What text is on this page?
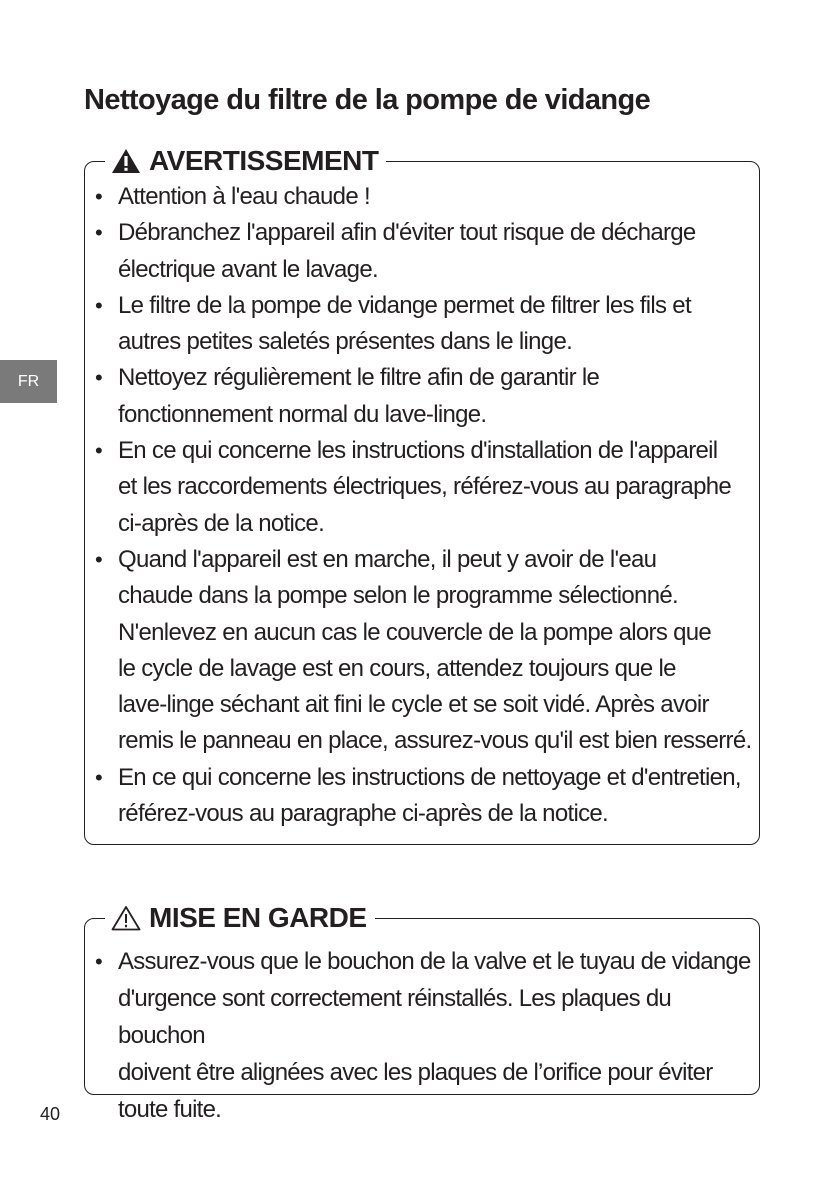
Nettoyage du filtre de la pompe de vidange
AVERTISSEMENT
• Attention à l'eau chaude !
• Débranchez l'appareil afin d'éviter tout risque de décharge
électrique avant le lavage.
• Le filtre de la pompe de vidange permet de filtrer les fils et
autres petites saletés présentes dans le linge.
• Nettoyez régulièrement le filtre afin de garantir le
fonctionnement normal du lave-linge.
• En ce qui concerne les instructions d'installation de l'appareil
et les raccordements électriques, référez-vous au paragraphe
ci-après de la notice.
• Quand l'appareil est en marche, il peut y avoir de l'eau
chaude dans la pompe selon le programme sélectionné.
N'enlevez en aucun cas le couvercle de la pompe alors que
le cycle de lavage est en cours, attendez toujours que le
lave-linge séchant ait fini le cycle et se soit vidé. Après avoir
remis le panneau en place, assurez-vous qu'il est bien resserré.
• En ce qui concerne les instructions de nettoyage et d'entretien,
référez-vous au paragraphe ci-après de la notice.
MISE EN GARDE
• Assurez-vous que le bouchon de la valve et le tuyau de vidange
d'urgence sont correctement réinstallés. Les plaques du bouchon
doivent être alignées avec les plaques de l’orifice pour éviter
toute fuite.
FR
40
